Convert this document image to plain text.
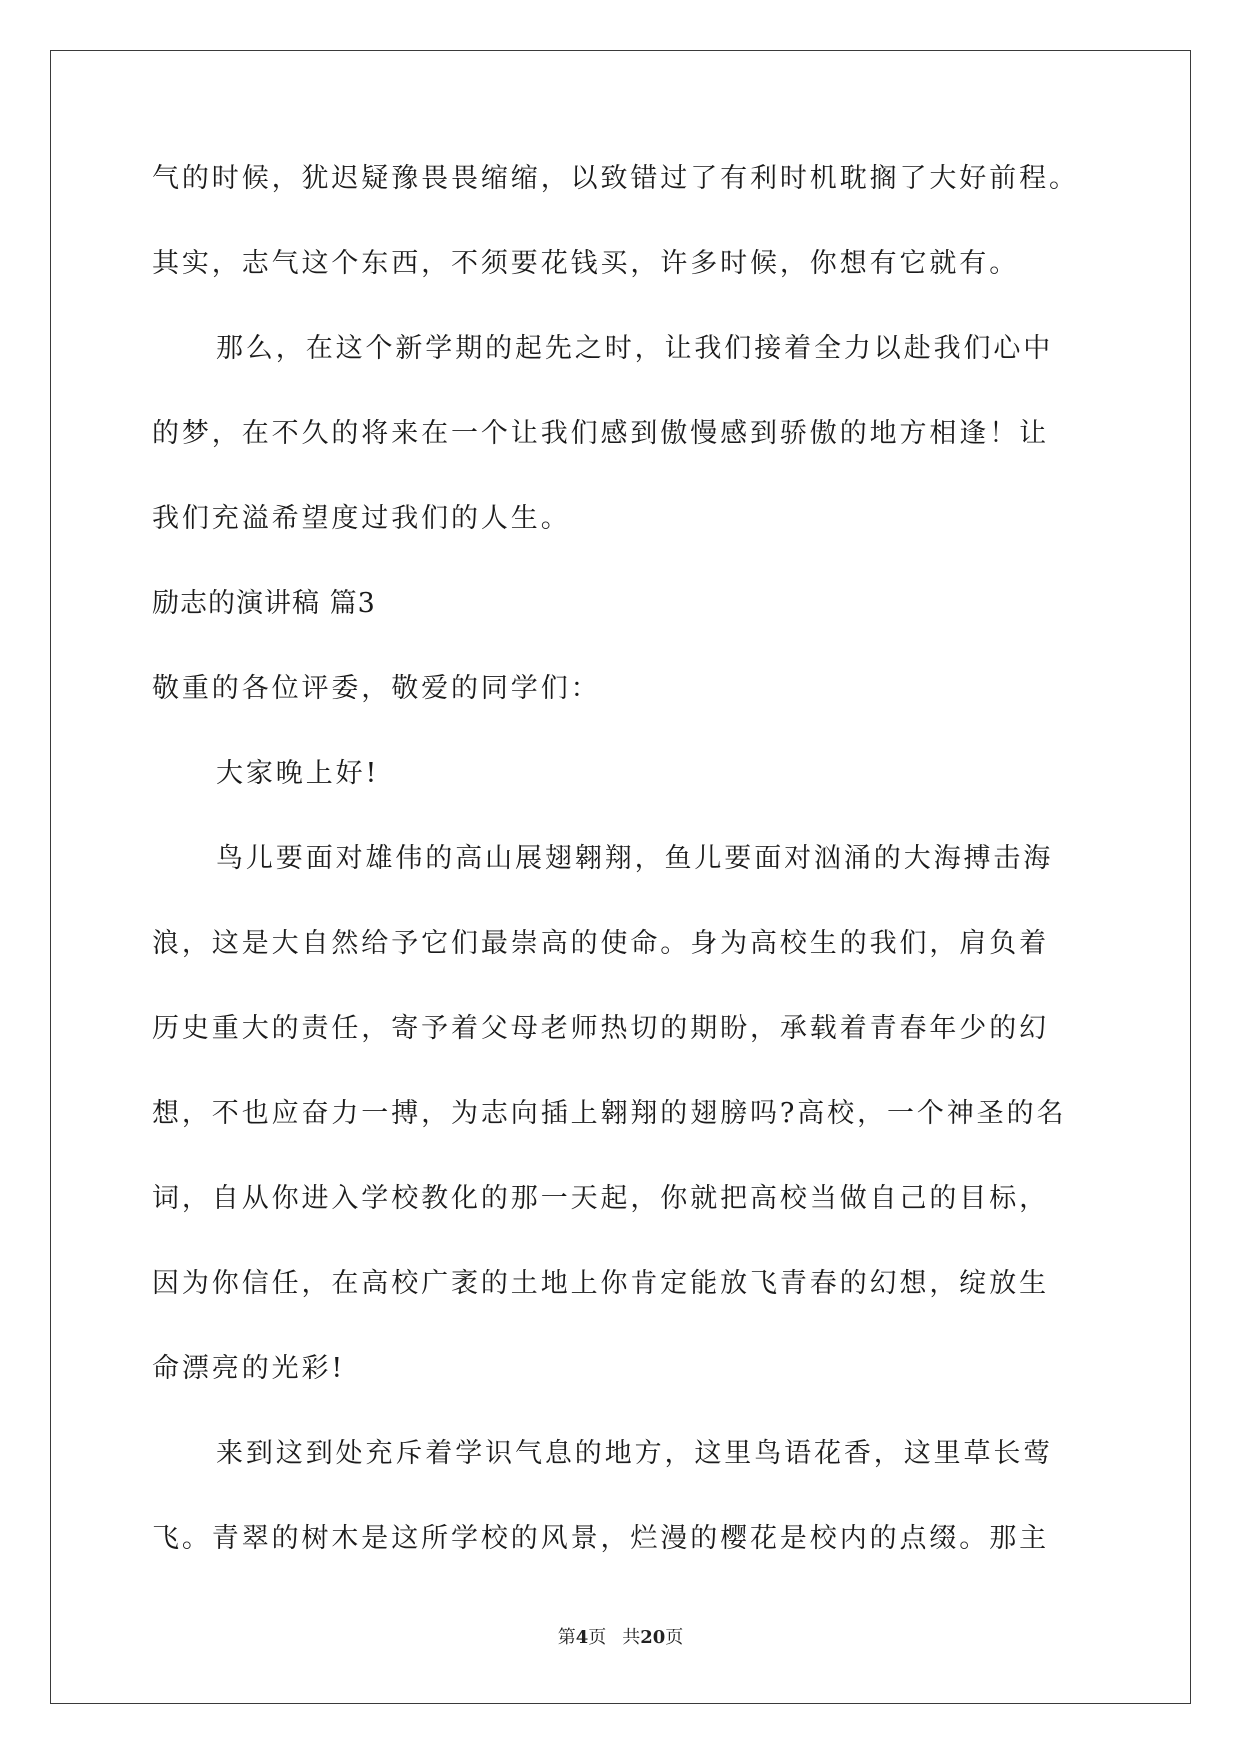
气的时候，犹迟疑豫畏畏缩缩，以致错过了有利时机耽搁了大好前程。
其实，志气这个东西，不须要花钱买，许多时候，你想有它就有。
那么，在这个新学期的起先之时，让我们接着全力以赴我们心中
的梦，在不久的将来在一个让我们感到傲慢感到骄傲的地方相逢！让
我们充溢希望度过我们的人生。
励志的演讲稿 篇3
敬重的各位评委，敬爱的同学们：
大家晚上好!
鸟儿要面对雄伟的高山展翅翱翔，鱼儿要面对汹涌的大海搏击海
浪，这是大自然给予它们最崇高的使命。身为高校生的我们，肩负着
历史重大的责任，寄予着父母老师热切的期盼，承载着青春年少的幻
想，不也应奋力一搏，为志向插上翱翔的翅膀吗?高校，一个神圣的名
词，自从你进入学校教化的那一天起，你就把高校当做自己的目标，
因为你信任，在高校广袤的土地上你肯定能放飞青春的幻想，绽放生
命漂亮的光彩!
来到这到处充斥着学识气息的地方，这里鸟语花香，这里草长莺
飞。青翠的树木是这所学校的风景，烂漫的樱花是校内的点缀。那主
第4页 共20页
